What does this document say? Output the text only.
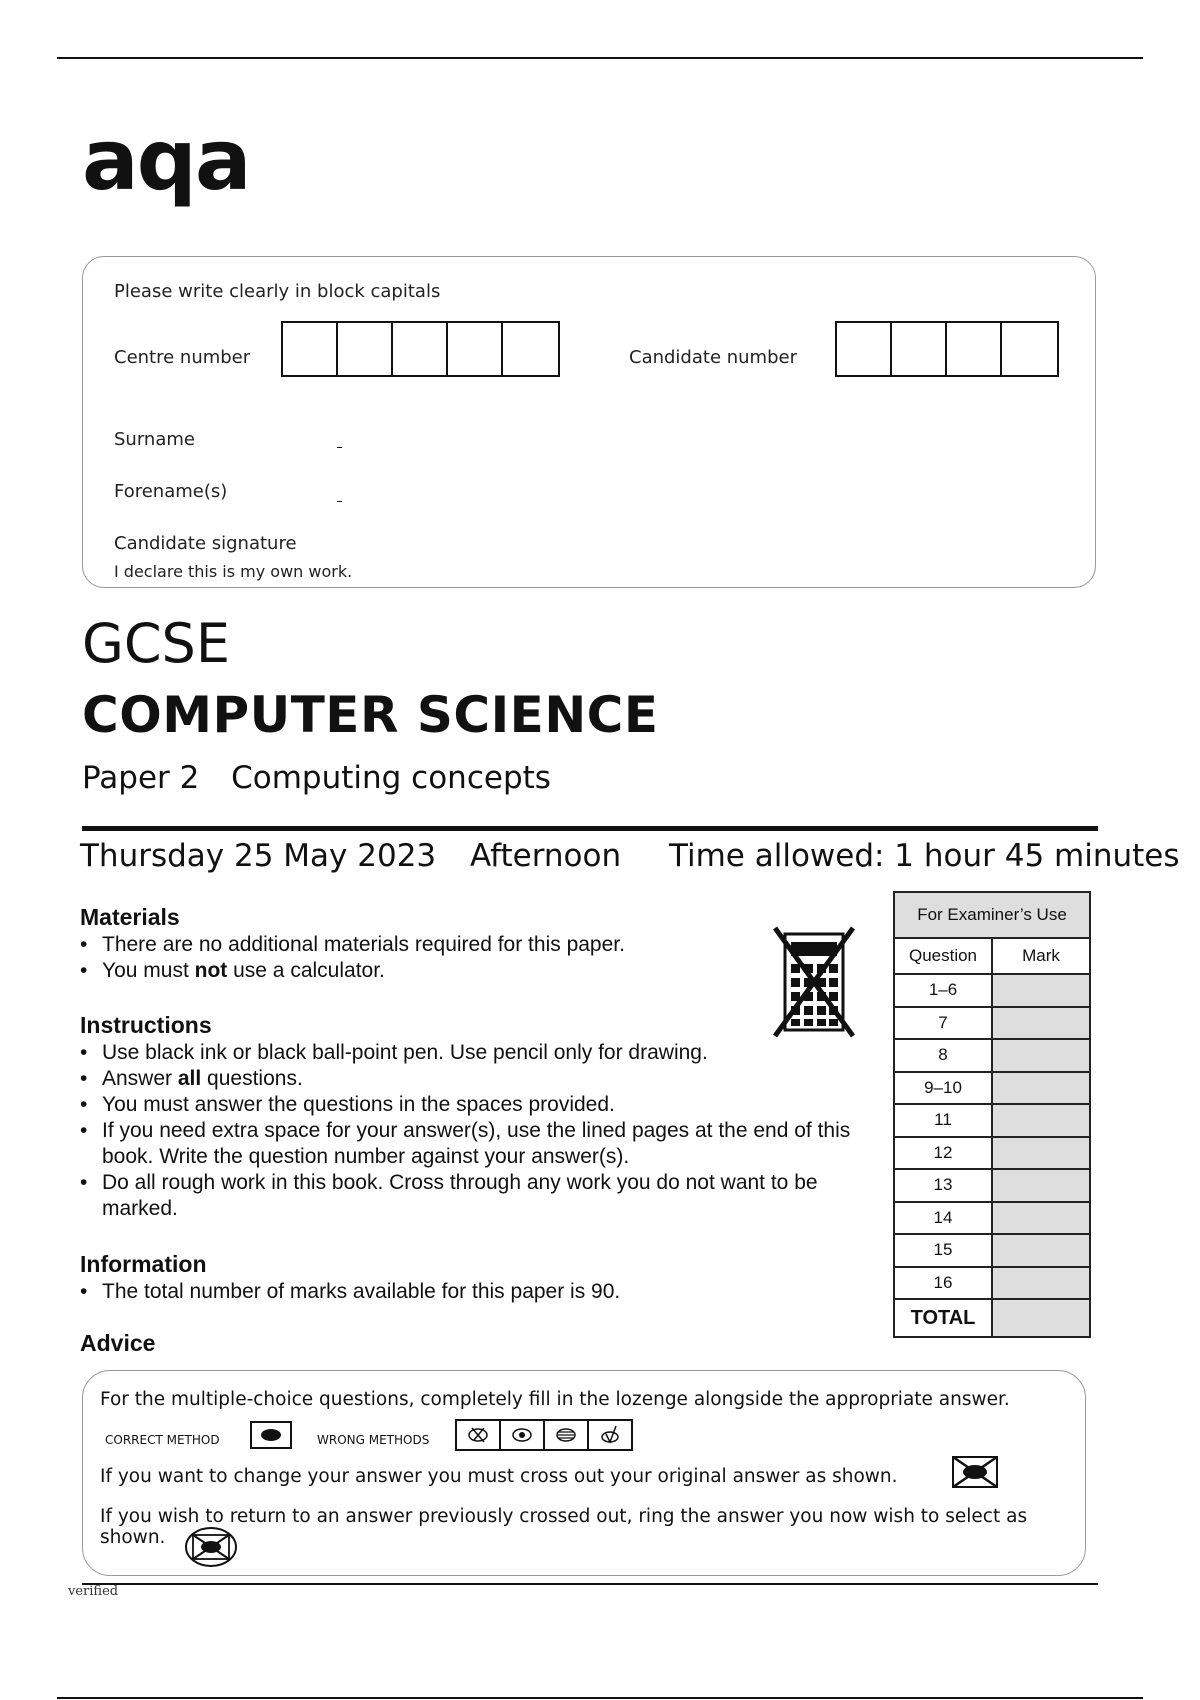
aqa
Please write clearly in block capitals
Centre number	Candidate number
Surname
Forename(s)
Candidate signature
I declare this is my own work.
GCSE
COMPUTER SCIENCE
Paper 2 Computing concepts
Thursday 25 May 2023 Afternoon Time allowed: 1 hour 45 minutes
Materials
• There are no additional materials required for this paper.
• You must not use a calculator.
Instructions
• Use black ink or black ball-point pen. Use pencil only for drawing.
• Answer all questions.
• You must answer the questions in the spaces provided.
• If you need extra space for your answer(s), use the lined pages at the end of this book. Write the question number against your answer(s).
• Do all rough work in this book. Cross through any work you do not want to be marked.
Information
• The total number of marks available for this paper is 90.
Advice
For Examiner’s Use	
Question	Mark
1–6	
7	
8	
9–10	
11	
12	
13	
14	
15	
16	
TOTAL	
For the multiple-choice questions, completely fill in the lozenge alongside the appropriate answer.
CORRECT METHOD	WRONG METHODS
If you want to change your answer you must cross out your original answer as shown.
If you wish to return to an answer previously crossed out, ring the answer you now wish to select as shown.
verified
